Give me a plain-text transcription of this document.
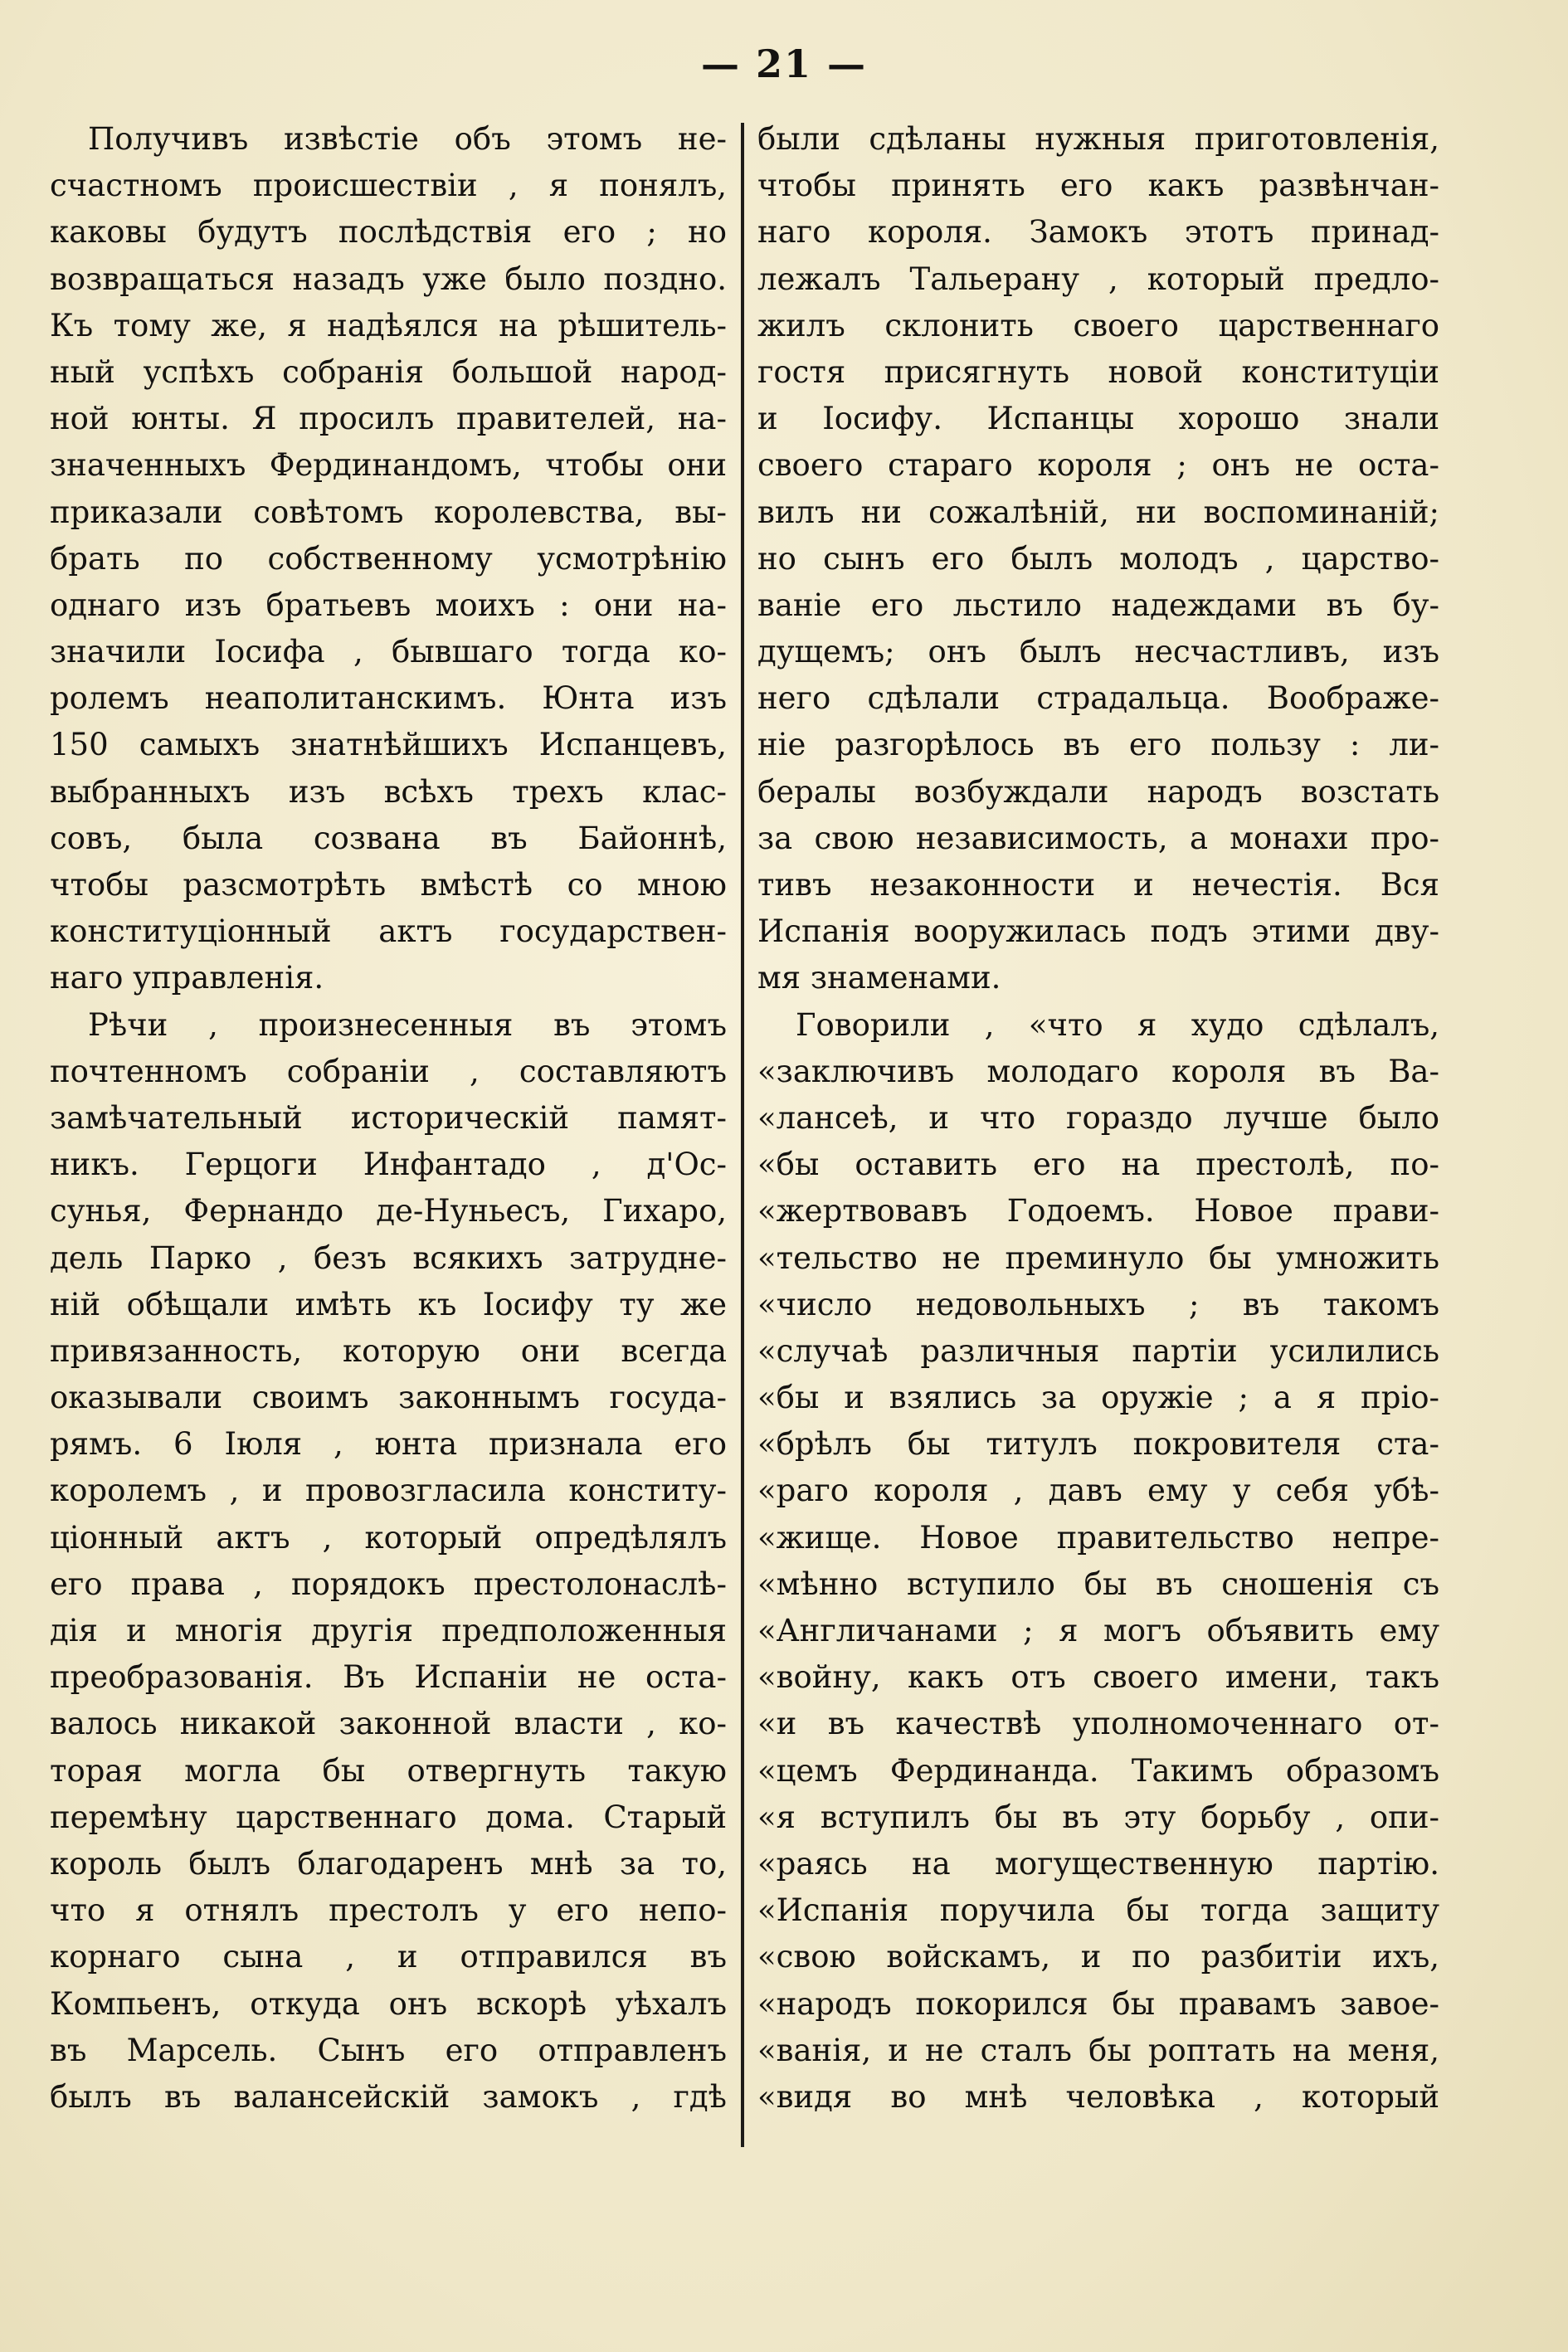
— 21 —
Получивъ извѣстіе объ этомъ не-
счастномъ происшествіи , я понялъ,
каковы будутъ послѣдствія его ; но
возвращаться назадъ уже было поздно.
Къ тому же, я надѣялся на рѣшитель-
ный успѣхъ собранія большой народ-
ной юнты. Я просилъ правителей, на-
значенныхъ Фердинандомъ, чтобы они
приказали совѣтомъ королевства, вы-
брать по собственному усмотрѣнію
однаго изъ братьевъ моихъ : они на-
значили Іосифа , бывшаго тогда ко-
ролемъ неаполитанскимъ. Юнта изъ
150 самыхъ знатнѣйшихъ Испанцевъ,
выбранныхъ изъ всѣхъ трехъ клас-
совъ, была созвана въ Байоннѣ,
чтобы разсмотрѣть вмѣстѣ со мною
конституціонный актъ государствен-
наго управленія.
Рѣчи , произнесенныя въ этомъ
почтенномъ собраніи , составляютъ
замѣчательный историческій памят-
никъ. Герцоги Инфантадо , д'Ос-
сунья, Фернандо де-Нуньесъ, Гихаро,
дель Парко , безъ всякихъ затрудне-
ній обѣщали имѣть къ Іосифу ту же
привязанность, которую они всегда
оказывали своимъ законнымъ госуда-
рямъ. 6 Іюля , юнта признала его
королемъ , и провозгласила конститу-
ціонный актъ , который опредѣлялъ
его права , порядокъ престолонаслѣ-
дія и многія другія предположенныя
преобразованія. Въ Испаніи не оста-
валось никакой законной власти , ко-
торая могла бы отвергнуть такую
перемѣну царственнаго дома. Старый
король былъ благодаренъ мнѣ за то,
что я отнялъ престолъ у его непо-
корнаго сына , и отправился въ
Компьенъ, откуда онъ вскорѣ уѣхалъ
въ Марсель. Сынъ его отправленъ
былъ въ валансейскій замокъ , гдѣ
были сдѣланы нужныя приготовленія,
чтобы принять его какъ развѣнчан-
наго короля. Замокъ этотъ принад-
лежалъ Тальерану , который предло-
жилъ склонить своего царственнаго
гостя присягнуть новой конституціи
и Іосифу. Испанцы хорошо знали
своего стараго короля ; онъ не оста-
вилъ ни сожалѣній, ни воспоминаній;
но сынъ его былъ молодъ , царство-
ваніе его льстило надеждами въ бу-
дущемъ; онъ былъ несчастливъ, изъ
него сдѣлали страдальца. Воображе-
ніе разгорѣлось въ его пользу : ли-
бералы возбуждали народъ возстать
за свою независимость, а монахи про-
тивъ незаконности и нечестія. Вся
Испанія вооружилась подъ этими дву-
мя знаменами.
Говорили , «что я худо сдѣлалъ,
«заключивъ молодаго короля въ Ва-
«лансеѣ, и что гораздо лучше было
«бы оставить его на престолѣ, по-
«жертвовавъ Годоемъ. Новое прави-
«тельство не преминуло бы умножить
«число недовольныхъ ; въ такомъ
«случаѣ различныя партіи усилились
«бы и взялись за оружіе ; а я прiо-
«брѣлъ бы титулъ покровителя ста-
«раго короля , давъ ему у себя убѣ-
«жище. Новое правительство непре-
«мѣнно вступило бы въ сношенія съ
«Англичанами ; я могъ объявить ему
«войну, какъ отъ своего имени, такъ
«и въ качествѣ уполномоченнаго от-
«цемъ Фердинанда. Такимъ образомъ
«я вступилъ бы въ эту борьбу , опи-
«раясь на могущественную партію.
«Испанія поручила бы тогда защиту
«свою войскамъ, и по разбитіи ихъ,
«народъ покорился бы правамъ завое-
«ванія, и не сталъ бы роптать на меня,
«видя во мнѣ человѣка , который
